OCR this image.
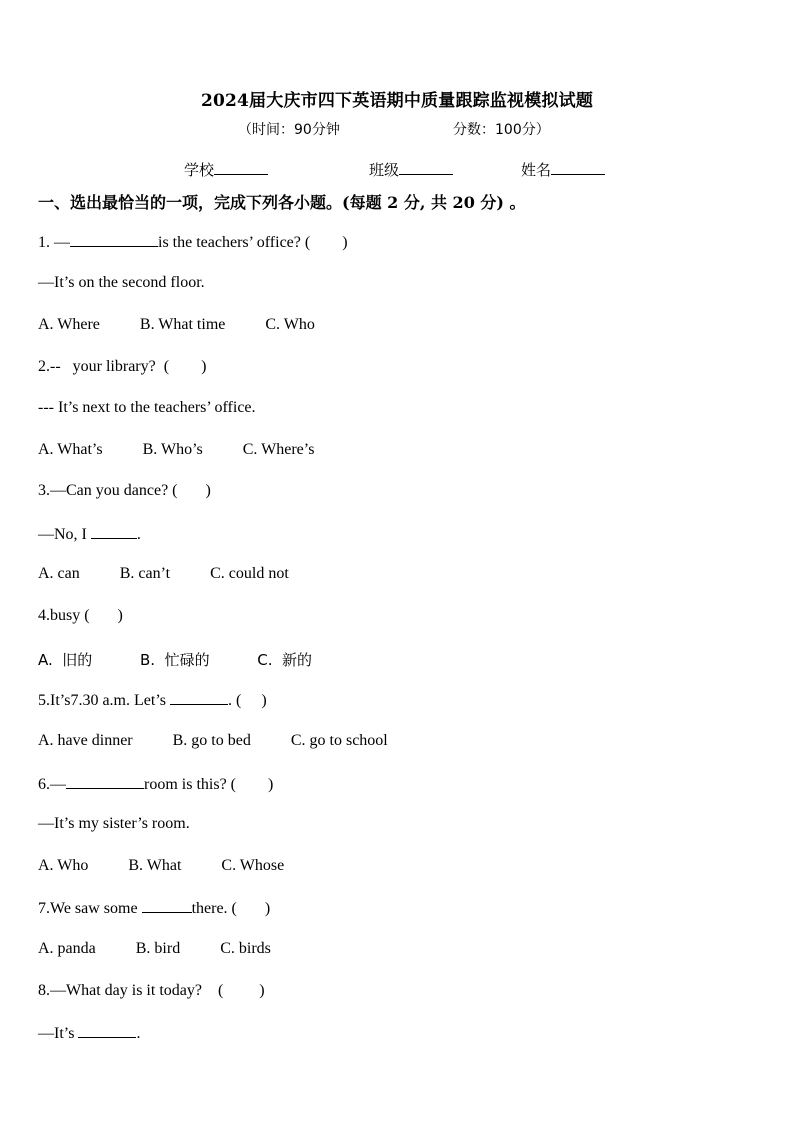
2024届大庆市四下英语期中质量跟踪监视模拟试题
（时间：90分钟	分数：100分）
学校	班级	姓名
一、选出最恰当的一项，完成下列各小题。(每题 2 分, 共 20 分) 。
1. —	is the teachers’ office? (        )
—It’s on the second floor.
A. Where          B. What time          C. Who
2.--   your library?  (        )
--- It’s next to the teachers’ office.
A. What’s          B. Who’s          C. Where’s
3.—Can you dance? (       )
—No, I	.
A. can          B. can’t          C. could not
4.busy (       )
A.  旧的          B.  忙碌的          C.  新的
5.It’s7.30 a.m. Let’s	. (     )
A. have dinner          B. go to bed          C. go to school
6.—	room is this? (        )
—It’s my sister’s room.
A. Who          B. What          C. Whose
7.We saw some	there. (       )
A. panda          B. bird          C. birds
8.—What day is it today?    (         )
—It’s	.
